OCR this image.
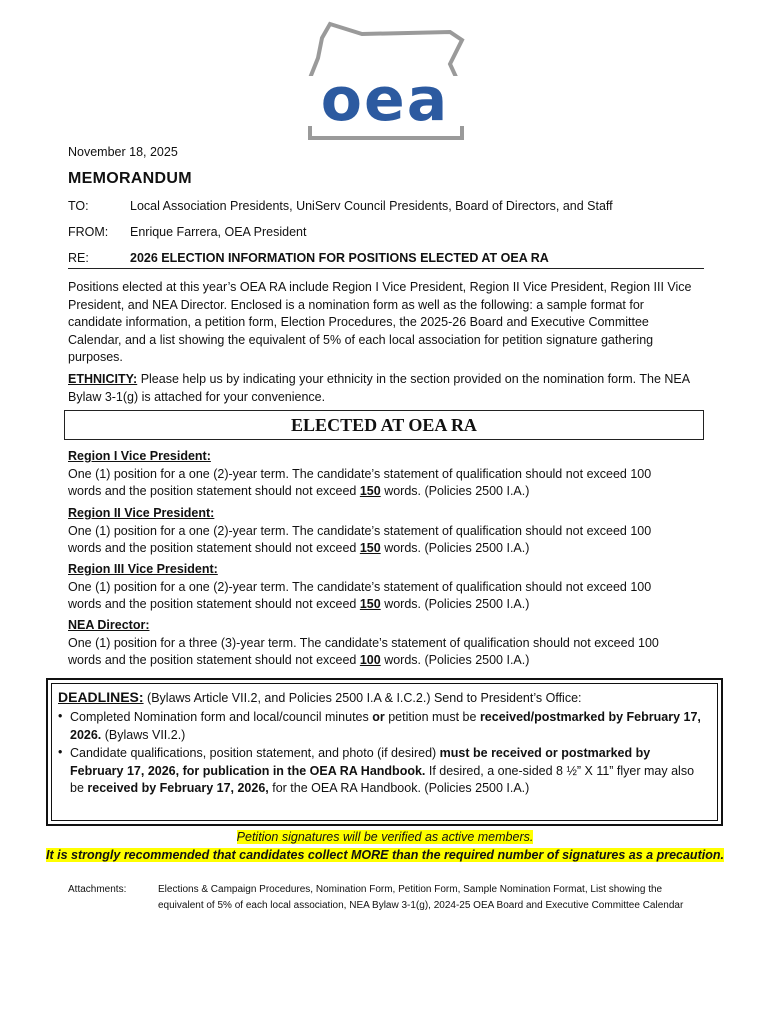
oea
November 18, 2025
MEMORANDUM
TO:	Local Association Presidents, UniServ Council Presidents, Board of Directors, and Staff
FROM: Enrique Farrera, OEA President
RE:	2026 ELECTION INFORMATION FOR POSITIONS ELECTED AT OEA RA

Positions elected at this year’s OEA RA include Region I Vice President, Region II Vice President, Region III Vice President, and NEA Director. Enclosed is a nomination form as well as the following: a sample format for candidate information, a petition form, Election Procedures, the 2025-26 Board and Executive Committee Calendar, and a list showing the equivalent of 5% of each local association for petition signature gathering purposes.

ETHNICITY: Please help us by indicating your ethnicity in the section provided on the nomination form. The NEA Bylaw 3-1(g) is attached for your convenience.

ELECTED AT OEA RA

Region I Vice President:

One (1) position for a one (2)-year term. The candidate’s statement of qualification should not exceed 100

words and the position statement should not exceed 150 words. (Policies 2500 I.A.)

Region II Vice President:

One (1) position for a one (2)-year term. The candidate’s statement of qualification should not exceed 100

words and the position statement should not exceed 150 words. (Policies 2500 I.A.)

Region III Vice President:

One (1) position for a one (2)-year term. The candidate’s statement of qualification should not exceed 100

words and the position statement should not exceed 150 words. (Policies 2500 I.A.)

NEA Director:

One (1) position for a three (3)-year term. The candidate’s statement of qualification should not exceed 100

words and the position statement should not exceed 100 words. (Policies 2500 I.A.)

DEADLINES: (Bylaws Article VII.2, and Policies 2500 I.A & I.C.2.) Send to President’s Office:

• Completed Nomination form and local/council minutes or petition must be received/postmarked by February 17, 2026. (Bylaws VII.2.)

• Candidate qualifications, position statement, and photo (if desired) must be received or postmarked by February 17, 2026, for publication in the OEA RA Handbook. If desired, a one-sided 8 ½” X 11” flyer may also be received by February 17, 2026, for the OEA RA Handbook. (Policies 2500 I.A.)

Petition signatures will be verified as active members.
It is strongly recommended that candidates collect MORE than the required number of signatures as a precaution.
Attachments:	Elections & Campaign Procedures, Nomination Form, Petition Form, Sample Nomination Format, List showing the equivalent of 5% of each local association, NEA Bylaw 3-1(g), 2024-25 OEA Board and Executive Committee Calendar
